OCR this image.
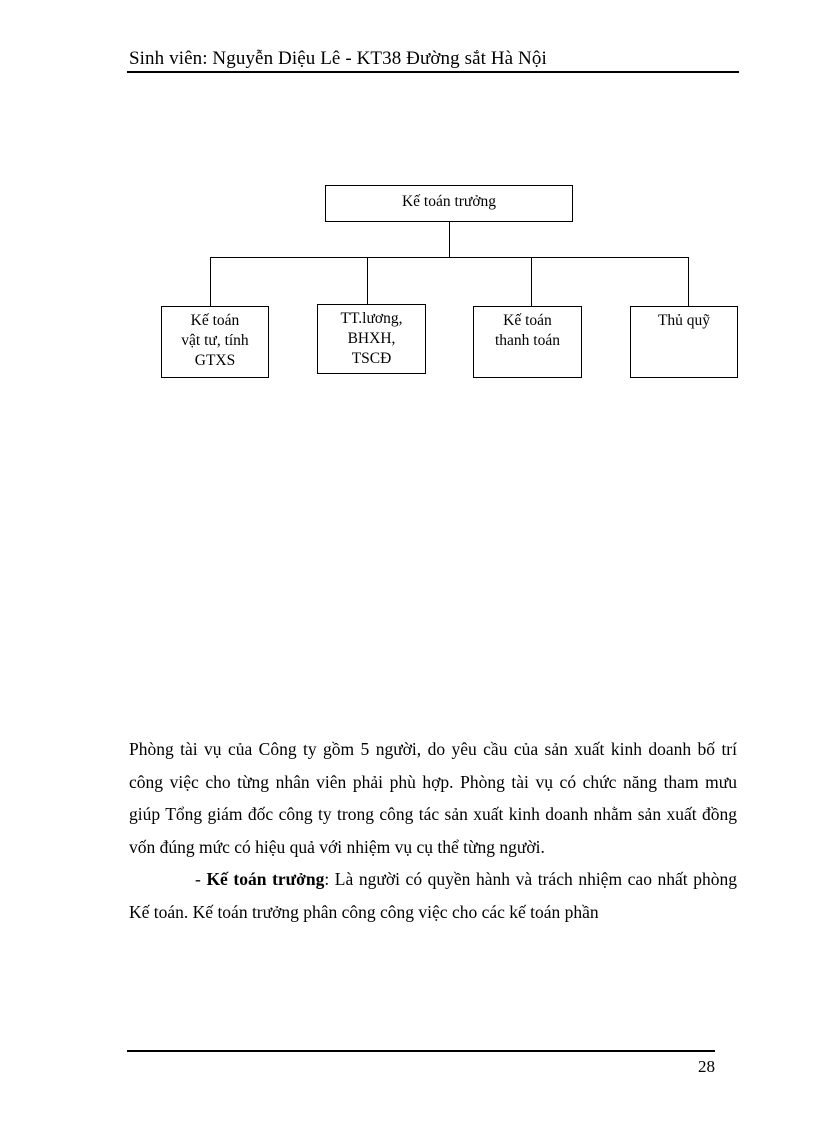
Sinh viên: Nguyễn Diệu Lê - KT38 Đường sắt Hà Nội
Kế toán trưởng
Kế toán
vật tư, tính
GTXS
TT.lương,
BHXH,
TSCĐ
Kế toán
thanh toán
Thủ quỹ

Phòng tài vụ của Công ty gồm 5 người, do yêu cầu của sản xuất kinh doanh bố trí công việc cho từng nhân viên phải phù hợp. Phòng tài vụ có chức năng tham mưu giúp Tổng giám đốc công ty trong công tác sản xuất kinh doanh nhằm sản xuất đồng vốn đúng mức có hiệu quả với nhiệm vụ cụ thể từng người.

- Kế toán trưởng: Là người có quyền hành và trách nhiệm cao nhất phòng Kế toán. Kế toán trưởng phân công công việc cho các kế toán phần

28
